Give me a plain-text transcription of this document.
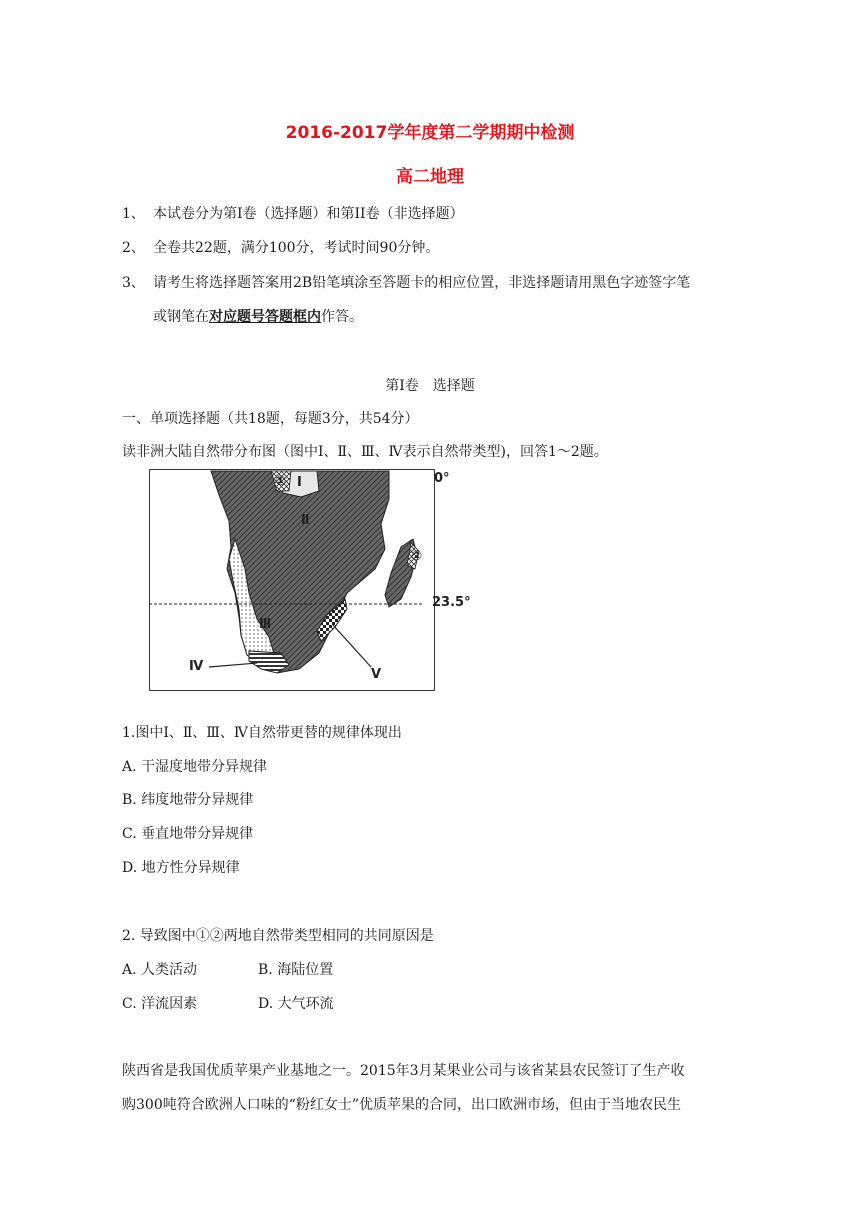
2016-2017学年度第二学期期中检测
高二地理
1、 本试卷分为第I卷（选择题）和第II卷（非选择题）
2、 全卷共22题，满分100分，考试时间90分钟。
3、 请考生将选择题答案用2B铅笔填涂至答题卡的相应位置，非选择题请用黑色字迹签字笔
或钢笔在对应题号答题框内作答。
第I卷　选择题
一、单项选择题（共18题，每题3分，共54分）
读非洲大陆自然带分布图（图中Ⅰ、Ⅱ、Ⅲ、Ⅳ表示自然带类型)，回答1～2题。
Ⅰ
①
Ⅱ
Ⅲ
Ⅳ
Ⅴ
②
0°
23.5°
1.图中Ⅰ、Ⅱ、Ⅲ、Ⅳ自然带更替的规律体现出
A. 干湿度地带分异规律
B. 纬度地带分异规律
C. 垂直地带分异规律
D. 地方性分异规律
2. 导致图中①②两地自然带类型相同的共同原因是
A. 人类活动	B. 海陆位置
C. 洋流因素	D. 大气环流
陕西省是我国优质苹果产业基地之一。2015年3月某果业公司与该省某县农民签订了生产收
购300吨符合欧洲人口味的“粉红女士”优质苹果的合同，出口欧洲市场，但由于当地农民生
